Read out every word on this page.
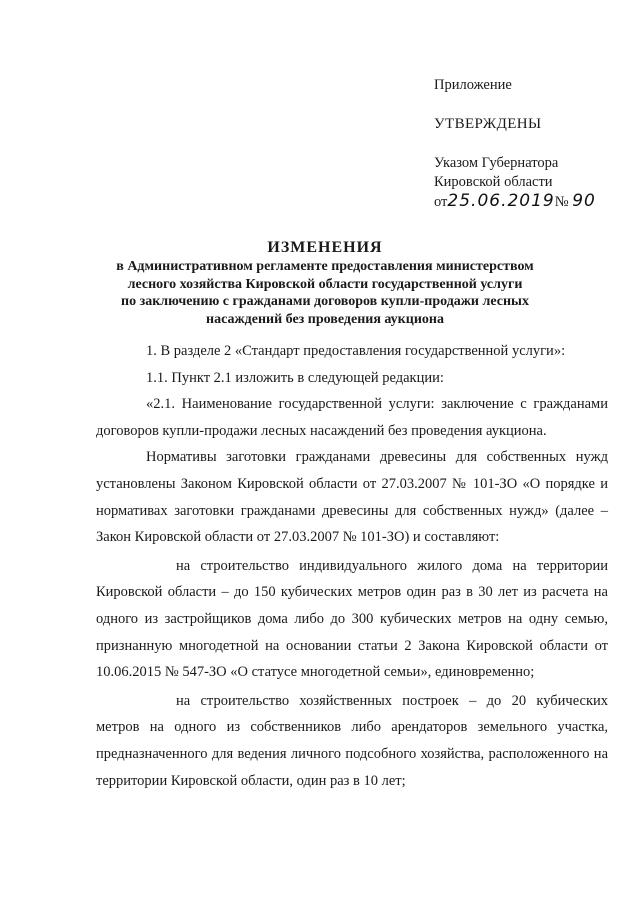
Приложение
УТВЕРЖДЕНЫ
Указом Губернатора
Кировской области
от25.06.2019№ 90
ИЗМЕНЕНИЯ
в Административном регламенте предоставления министерством
лесного хозяйства Кировской области государственной услуги
по заключению с гражданами договоров купли-продажи лесных
насаждений без проведения аукциона

1. В разделе 2 «Стандарт предоставления государственной услуги»:

1.1. Пункт 2.1 изложить в следующей редакции:

«2.1. Наименование государственной услуги: заключение с гражданами договоров купли-продажи лесных насаждений без проведения аукциона.

Нормативы заготовки гражданами древесины для собственных нужд установлены Законом Кировской области от 27.03.2007 № 101-ЗО «О порядке и нормативах заготовки гражданами древесины для собственных нужд» (далее – Закон Кировской области от 27.03.2007 № 101-ЗО) и составляют:

на строительство индивидуального жилого дома на территории Кировской области – до 150 кубических метров один раз в 30 лет из расчета на одного из застройщиков дома либо до 300 кубических метров на одну семью, признанную многодетной на основании статьи 2 Закона Кировской области от 10.06.2015 № 547-ЗО «О статусе многодетной семьи», единовременно;

на строительство хозяйственных построек – до 20 кубических метров на одного из собственников либо арендаторов земельного участка, предназначенного для ведения личного подсобного хозяйства, расположенного на территории Кировской области, один раз в 10 лет;
